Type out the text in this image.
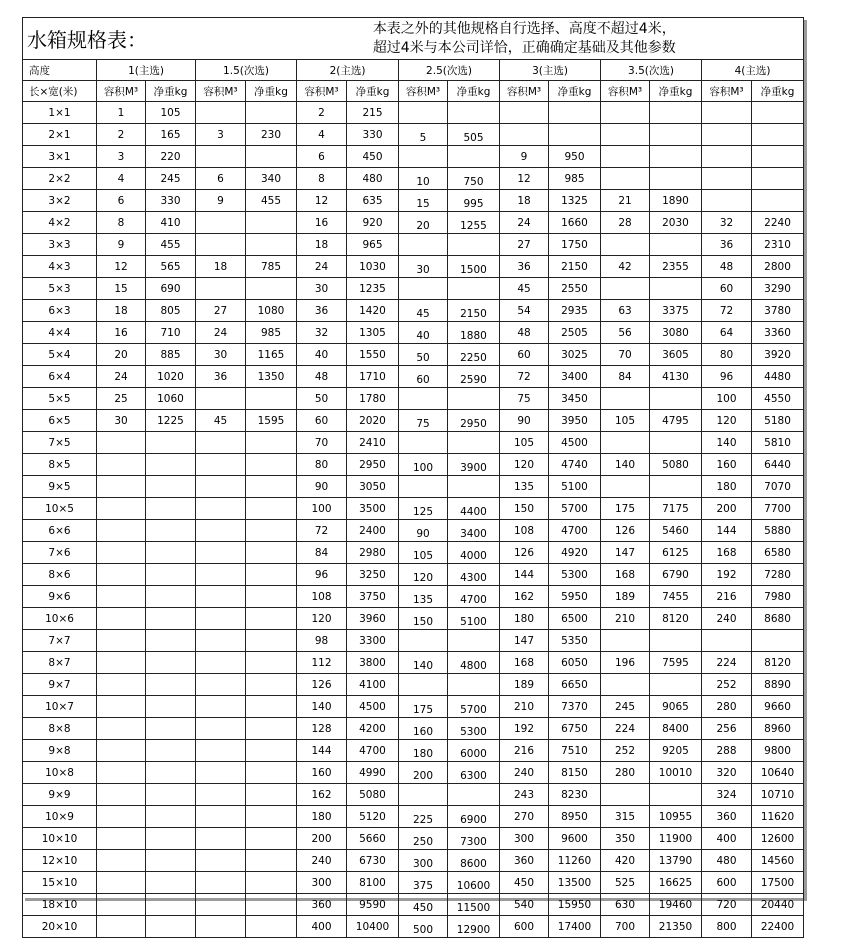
水箱规格表：				本表之外的其他规格自行选择、高度不超过4米，
超过4米与本公司详恰，正确确定基础及其他参数										

高度	1(主选)		1.5(次选)		2(主选)		2.5(次选)		3(主选)		3.5(次选)		4(主选)	
长×宽(米)	容积M³	净重kg	容积M³	净重kg	容积M³	净重kg	容积M³	净重kg	容积M³	净重kg	容积M³	净重kg	容积M³	净重kg
1×1	1	105			2	215								
2×1	2	165	3	230	4	330	5	505						
3×1	3	220			6	450			9	950				
2×2	4	245	6	340	8	480	10	750	12	985				
3×2	6	330	9	455	12	635	15	995	18	1325	21	1890		
4×2	8	410			16	920	20	1255	24	1660	28	2030	32	2240
3×3	9	455			18	965			27	1750			36	2310
4×3	12	565	18	785	24	1030	30	1500	36	2150	42	2355	48	2800
5×3	15	690			30	1235			45	2550			60	3290
6×3	18	805	27	1080	36	1420	45	2150	54	2935	63	3375	72	3780
4×4	16	710	24	985	32	1305	40	1880	48	2505	56	3080	64	3360
5×4	20	885	30	1165	40	1550	50	2250	60	3025	70	3605	80	3920
6×4	24	1020	36	1350	48	1710	60	2590	72	3400	84	4130	96	4480
5×5	25	1060			50	1780			75	3450			100	4550
6×5	30	1225	45	1595	60	2020	75	2950	90	3950	105	4795	120	5180
7×5					70	2410			105	4500			140	5810
8×5					80	2950	100	3900	120	4740	140	5080	160	6440
9×5					90	3050			135	5100			180	7070
10×5					100	3500	125	4400	150	5700	175	7175	200	7700
6×6					72	2400	90	3400	108	4700	126	5460	144	5880
7×6					84	2980	105	4000	126	4920	147	6125	168	6580
8×6					96	3250	120	4300	144	5300	168	6790	192	7280
9×6					108	3750	135	4700	162	5950	189	7455	216	7980
10×6					120	3960	150	5100	180	6500	210	8120	240	8680
7×7					98	3300			147	5350				
8×7					112	3800	140	4800	168	6050	196	7595	224	8120
9×7					126	4100			189	6650			252	8890
10×7					140	4500	175	5700	210	7370	245	9065	280	9660
8×8					128	4200	160	5300	192	6750	224	8400	256	8960
9×8					144	4700	180	6000	216	7510	252	9205	288	9800
10×8					160	4990	200	6300	240	8150	280	10010	320	10640
9×9					162	5080			243	8230			324	10710
10×9					180	5120	225	6900	270	8950	315	10955	360	11620
10×10					200	5660	250	7300	300	9600	350	11900	400	12600
12×10					240	6730	300	8600	360	11260	420	13790	480	14560
15×10					300	8100	375	10600	450	13500	525	16625	600	17500
18×10					360	9590	450	11500	540	15950	630	19460	720	20440
20×10					400	10400	500	12900	600	17400	700	21350	800	22400
